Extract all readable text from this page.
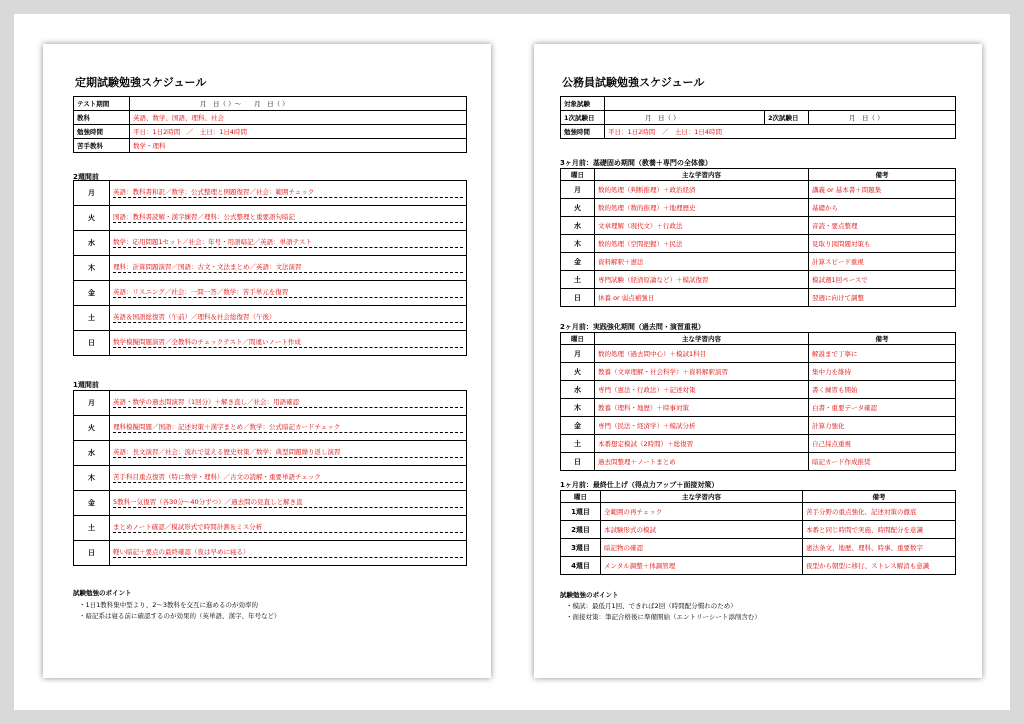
定期試験勉強スケジュール
テスト期間	月　日（ ）～　　月　日（ ）
教科	英語、数学、国語、理科、社会
勉強時間	平日：1日2時間　／　土日：1日4時間
苦手教科	数学・理科
2週間前
月	英語：教科書和訳／数学：公式整理と例題復習／社会：範囲チェック
火	国語：教科書読解・漢字練習／理科：公式整理と重要語句暗記
水	数学：応用問題1セット／社会：年号・用語暗記／英語：単語テスト
木	理科：計算問題演習／国語：古文・文法まとめ／英語：文法演習
金	英語：リスニング／社会：一問一答／数学：苦手単元を復習
土	英語＆国語総復習（午前）／理科＆社会総復習（午後）
日	数学模擬問題演習／全教科のチェックテスト／間違いノート作成
1週間前
月	英語・数学の過去問演習（1回分）＋解き直し／社会：用語確認
火	理科模擬問題／国語：記述対策＋漢字まとめ／数学：公式暗記カードチェック
水	英語：長文演習／社会：流れで覚える歴史対策／数学：典型問題繰り返し演習
木	苦手科目重点復習（特に数学・理科）／古文の読解・重要単語チェック
金	5教科一気復習（各30分～40分ずつ）／過去問の見直しと解き直
土	まとめノート確認／模試形式で時間計測＆ミス分析
日	軽い暗記＋要点の最終確認（夜は早めに寝る）
試験勉強のポイント
・1日1教科集中型より、2～3教科を交互に進めるのが効率的
・暗記系は寝る前に確認するのが効果的（英単語、漢字、年号など）
公務員試験勉強スケジュール
対象試験			
1次試験日	月　日（ ）	2次試験日	月　日（ ）
勉強時間	平日：1日2時間　／　土日：1日4時間		
3ヶ月前：基礎固め期間（教養＋専門の全体像）
曜日	主な学習内容	備考
月	数的処理（判断推理）＋政治経済	講義 or 基本書＋問題集
火	数的処理（数的推理）＋地理歴史	基礎から
水	文章理解（現代文）＋行政法	音読・要点整理
木	数的処理（空間把握）＋民法	見取り図問題対策も
金	資料解釈＋憲法	計算スピード重視
土	専門試験（経済原論など）＋模試復習	模試週1回ペースで
日	休養 or 弱点補強日	翌週に向けて調整
2ヶ月前：実践強化期間（過去問・演習重視）
曜日	主な学習内容	備考
月	数的処理（過去問中心）＋模試1科目	解説まで丁寧に
火	教養（文章理解・社会科学）＋資料解釈演習	集中力を維持
水	専門（憲法・行政法）＋記述対策	書く練習も開始
木	教養（理科・地歴）＋時事対策	白書・重要データ確認
金	専門（民法・経済学）＋模試分析	計算力強化
土	本番想定模試（2時間）＋総復習	自己採点重視
日	過去問整理＋ノートまとめ	暗記カード作成推奨
1ヶ月前：最終仕上げ（得点力アップ＋面接対策）
曜日	主な学習内容	備考
1週目	全範囲の再チェック	苦手分野の重点強化、記述対策の徹底
2週目	本試験形式の模試	本番と同じ時間で実施、時間配分を意識
3週目	暗記物の確認	憲法条文、地歴、理科、時事、重要数字
4週目	メンタル調整＋体調管理	夜型から朝型に移行、ストレス解消も意識
試験勉強のポイント
・模試：最低月1回、できれば2回（時間配分慣れのため）
・面接対策：筆記合格後に準備開始（エントリーシート添削含む）
